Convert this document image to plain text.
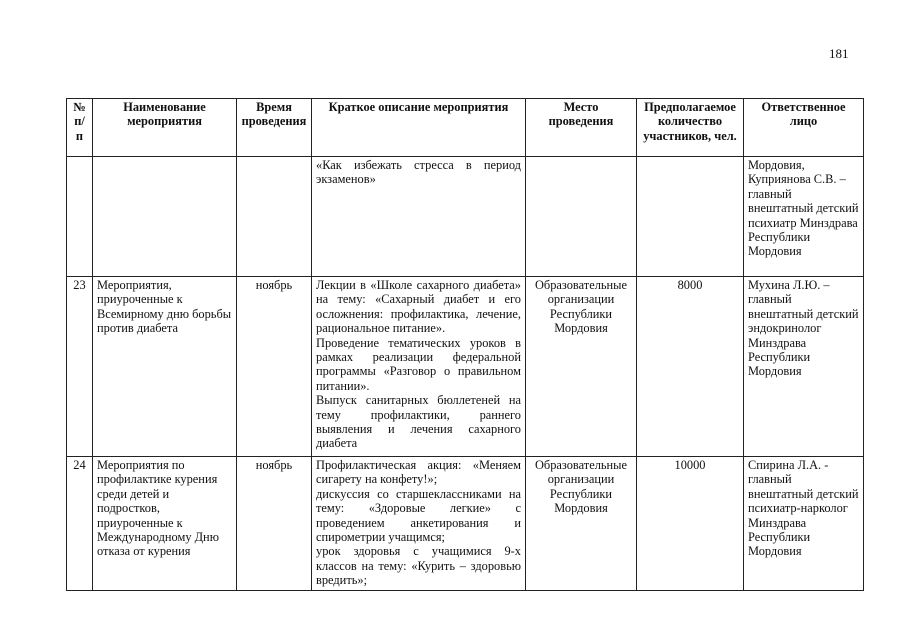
181
№ п/п	Наименование мероприятия	Время проведения	Краткое описание мероприятия	Место проведения	Предполагаемое количество участников, чел.	Ответственное лицо

			«Как избежать стресса в период экзаменов»			Мордовия, Куприянова С.В. – главный внештатный детский психиатр Минздрава Республики Мордовия
23	Мероприятия, приуроченные к Всемирному дню борьбы против диабета	ноябрь	Лекции в «Школе сахарного диабета» на тему: «Сахарный диабет и его осложнения: профилактика, лечение, рациональное питание».
Проведение тематических уроков в рамках реализации федеральной программы «Разговор о правильном питании».
Выпуск санитарных бюллетеней на тему профилактики, раннего выявления и лечения сахарного диабета	Образовательные организации Республики Мордовия	8000	Мухина Л.Ю. – главный внештатный детский эндокринолог Минздрава Республики Мордовия
24	Мероприятия по профилактике курения среди детей и подростков, приуроченные к Международному Дню отказа от курения	ноябрь	Профилактическая акция: «Меняем сигарету на конфету!»;
дискуссия со старшеклассниками на тему: «Здоровые легкие» с проведением анкетирования и спирометрии учащимся;
урок здоровья с учащимися 9-х классов на тему: «Курить – здоровью вредить»;	Образовательные организации Республики Мордовия	10000	Спирина Л.А. - главный внештатный детский психиатр-нарколог Минздрава Республики Мордовия
